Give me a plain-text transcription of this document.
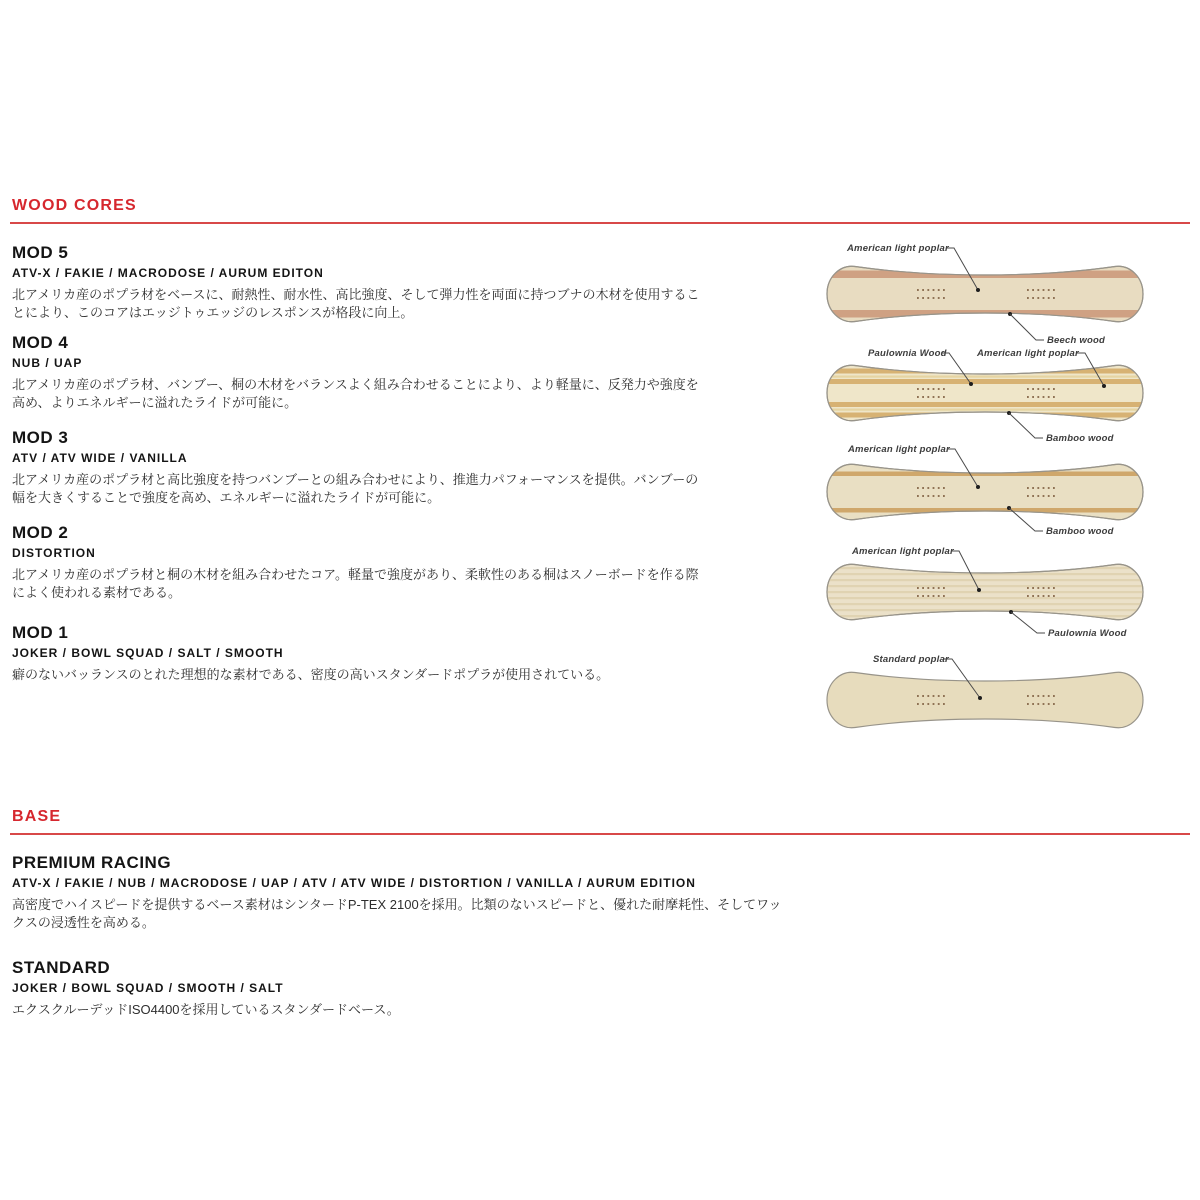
WOOD CORES
MOD 5
ATV-X / FAKIE / MACRODOSE / AURUM EDITON
北アメリカ産のポプラ材をベースに、耐熱性、耐水性、高比強度、そして弾力性を両面に持つブナの木材を使用することにより、このコアはエッジトゥエッジのレスポンスが格段に向上。
MOD 4
NUB / UAP
北アメリカ産のポプラ材、バンブー、桐の木材をバランスよく組み合わせることにより、より軽量に、反発力や強度を高め、よりエネルギーに溢れたライドが可能に。
MOD 3
ATV / ATV WIDE / VANILLA
北アメリカ産のポプラ材と高比強度を持つバンブーとの組み合わせにより、推進力パフォーマンスを提供。バンブーの幅を大きくすることで強度を高め、エネルギーに溢れたライドが可能に。
MOD 2
DISTORTION
北アメリカ産のポプラ材と桐の木材を組み合わせたコア。軽量で強度があり、柔軟性のある桐はスノーボードを作る際によく使われる素材である。
MOD 1
JOKER / BOWL SQUAD / SALT / SMOOTH
癖のないバッランスのとれた理想的な素材である、密度の高いスタンダードポプラが使用されている。
American light poplar
Beech wood
Paulownia Wood	American light poplar
Bamboo wood
American light poplar
Bamboo wood
American light poplar
Paulownia Wood
Standard poplar
BASE
PREMIUM RACING
ATV-X / FAKIE / NUB / MACRODOSE / UAP / ATV / ATV WIDE / DISTORTION / VANILLA / AURUM EDITION
高密度でハイスピードを提供するベース素材はシンタードP-TEX 2100を採用。比類のないスピードと、優れた耐摩耗性、そしてワックスの浸透性を高める。
STANDARD
JOKER / BOWL SQUAD / SMOOTH / SALT
エクスクルーデッドISO4400を採用しているスタンダードベース。
